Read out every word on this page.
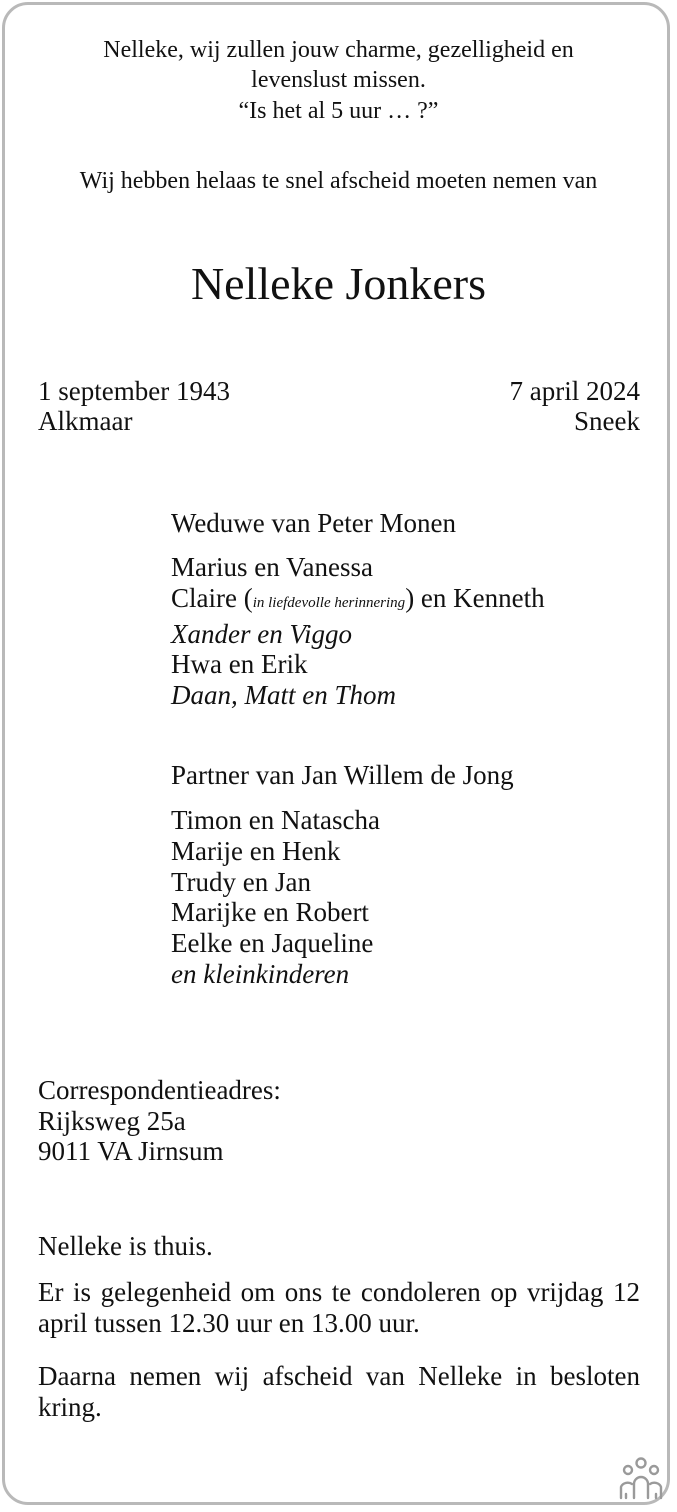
Nelleke, wij zullen jouw charme, gezelligheid en
levenslust missen.
“Is het al 5 uur … ?”
Wij hebben helaas te snel afscheid moeten nemen van
Nelleke Jonkers
1 september 1943
Alkmaar
7 april 2024
Sneek
Weduwe van Peter Monen
Marius en Vanessa
Claire (in liefdevolle herinnering) en Kenneth
Xander en Viggo
Hwa en Erik
Daan, Matt en Thom
Partner van Jan Willem de Jong
Timon en Natascha
Marije en Henk
Trudy en Jan
Marijke en Robert
Eelke en Jaqueline
en kleinkinderen
Correspondentieadres:
Rijksweg 25a
9011 VA Jirnsum
Nelleke is thuis.
Er is gelegenheid om ons te condoleren op vrijdag 12 april tussen 12.30 uur en 13.00 uur.
Daarna nemen wij afscheid van Nelleke in besloten kring.
